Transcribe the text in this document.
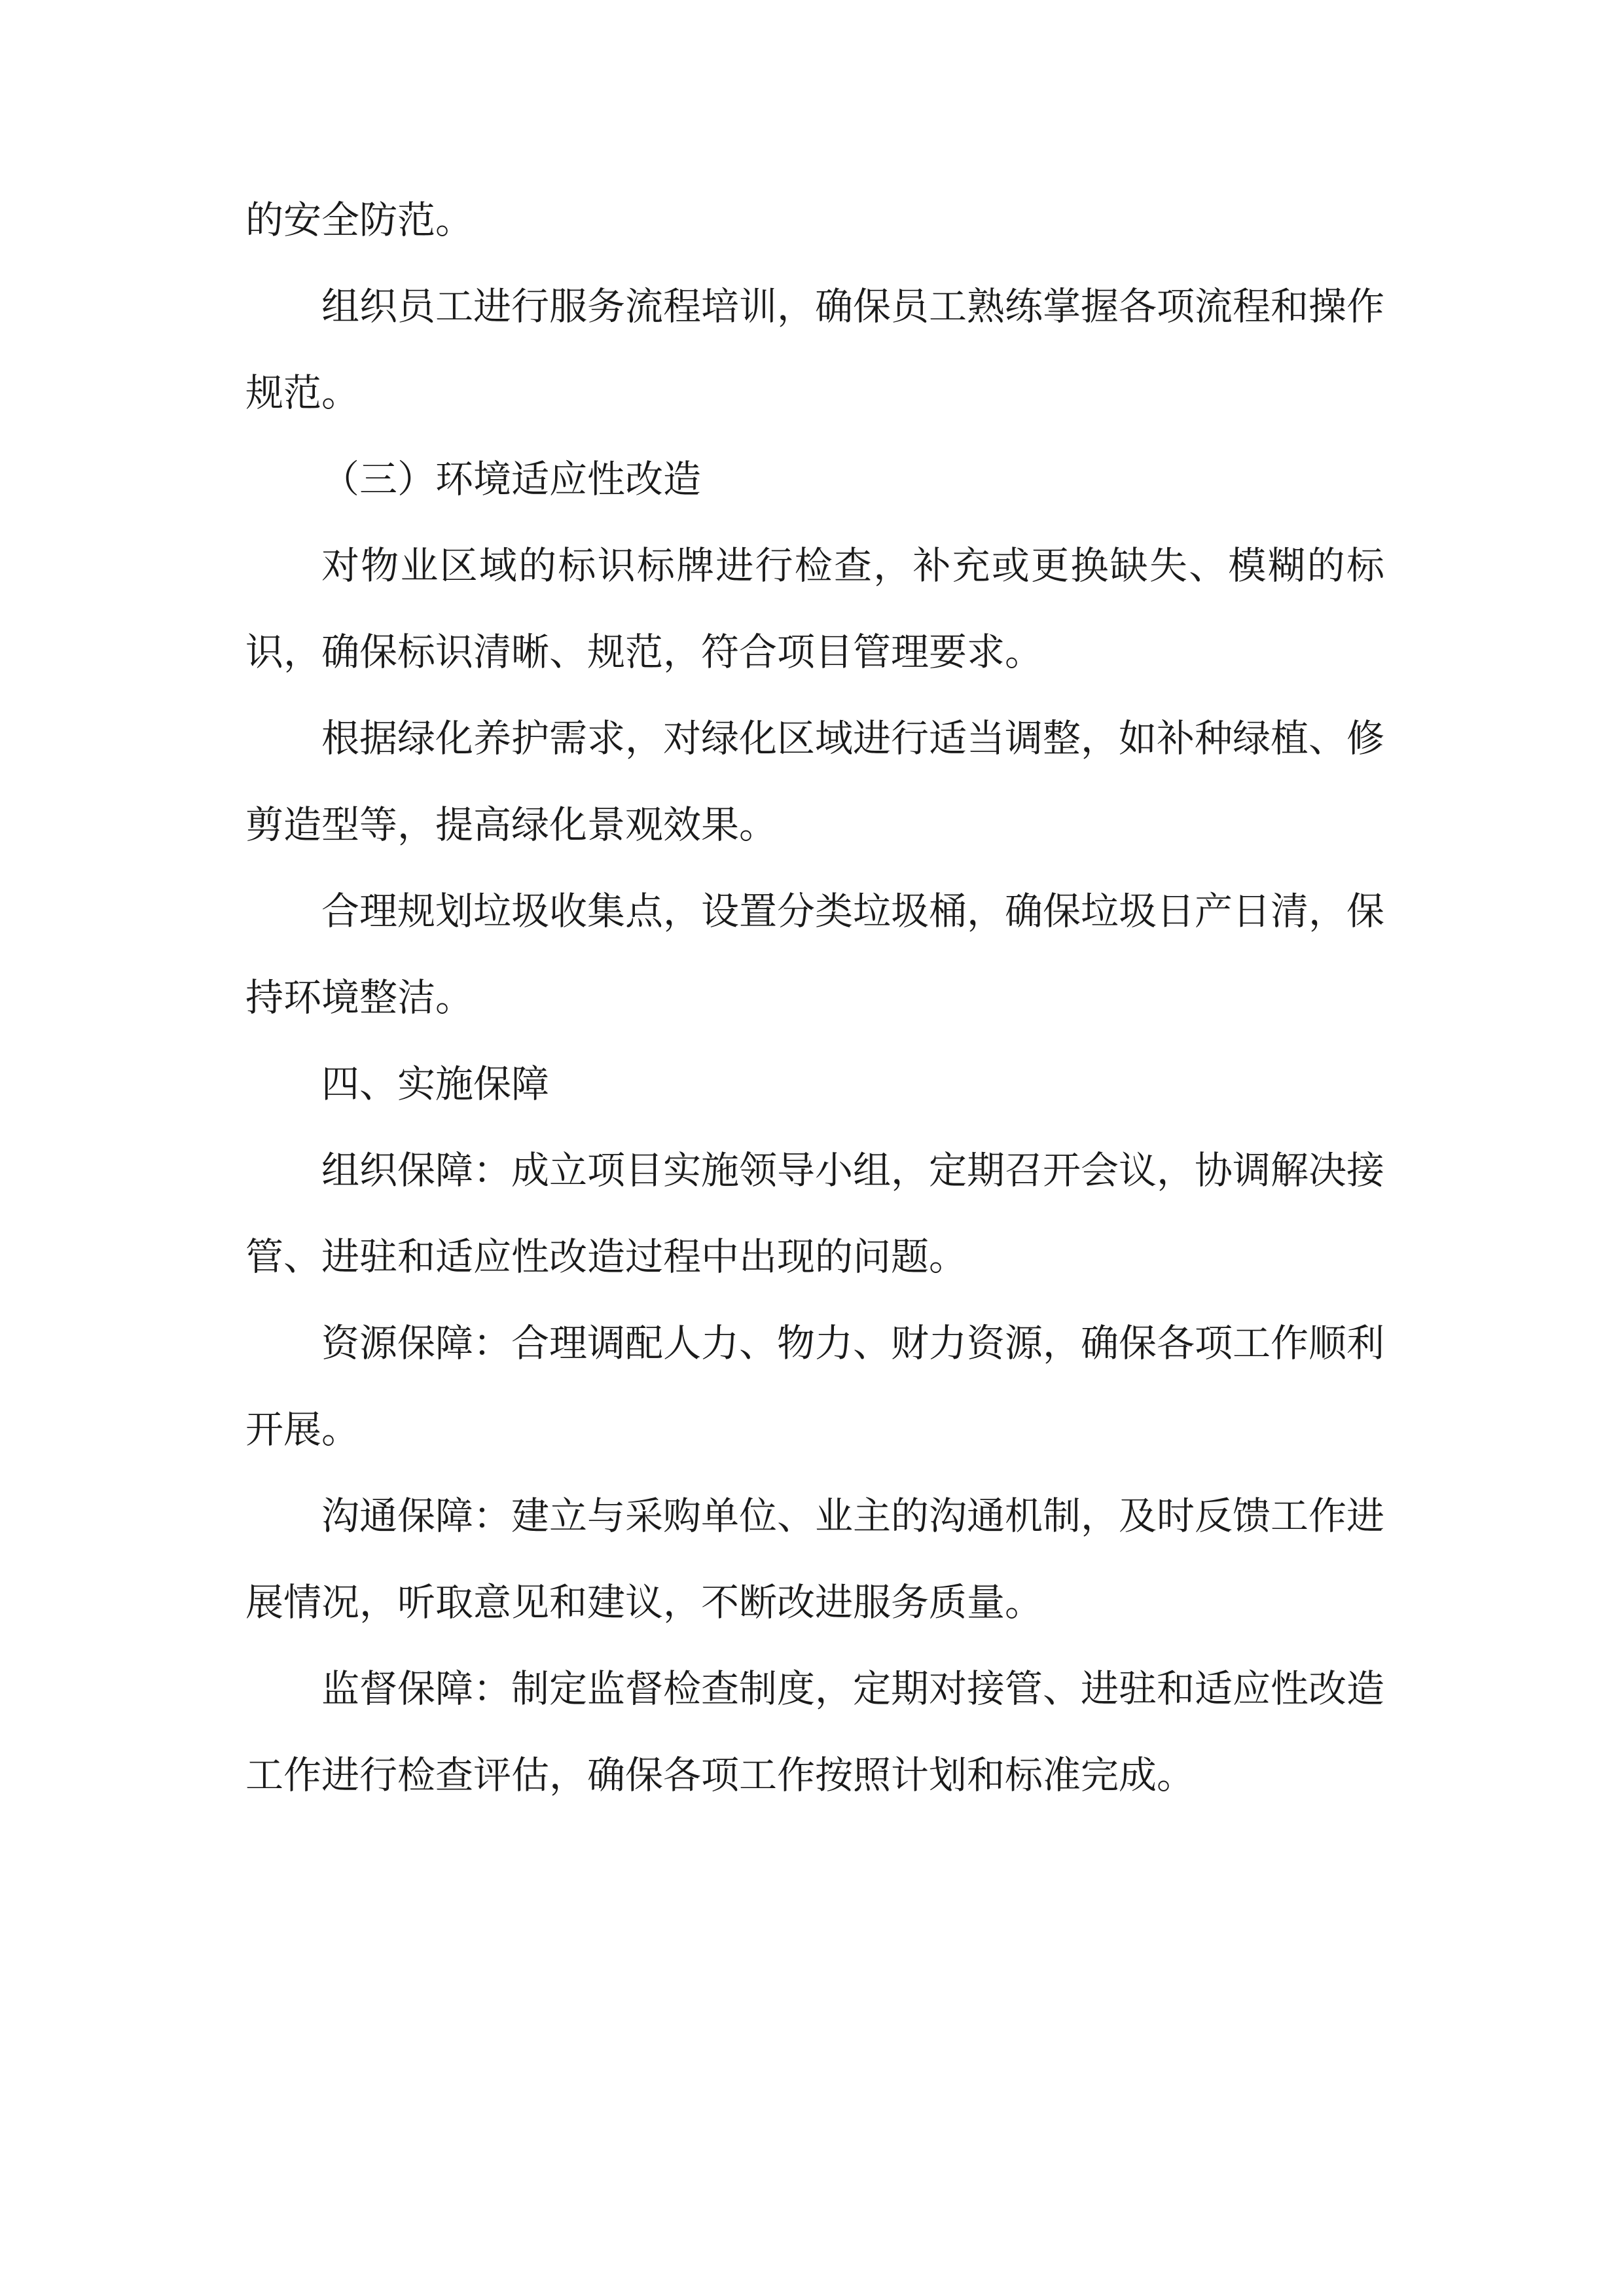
的安全防范。

组织员工进行服务流程培训，确保员工熟练掌握各项流程和操作规范。

（三）环境适应性改造

对物业区域的标识标牌进行检查，补充或更换缺失、模糊的标识，确保标识清晰、规范，符合项目管理要求。

根据绿化养护需求，对绿化区域进行适当调整，如补种绿植、修剪造型等，提高绿化景观效果。

合理规划垃圾收集点，设置分类垃圾桶，确保垃圾日产日清，保持环境整洁。

四、实施保障

组织保障：成立项目实施领导小组，定期召开会议，协调解决接管、进驻和适应性改造过程中出现的问题。

资源保障：合理调配人力、物力、财力资源，确保各项工作顺利开展。

沟通保障：建立与采购单位、业主的沟通机制，及时反馈工作进展情况，听取意见和建议，不断改进服务质量。

监督保障：制定监督检查制度，定期对接管、进驻和适应性改造工作进行检查评估，确保各项工作按照计划和标准完成。
